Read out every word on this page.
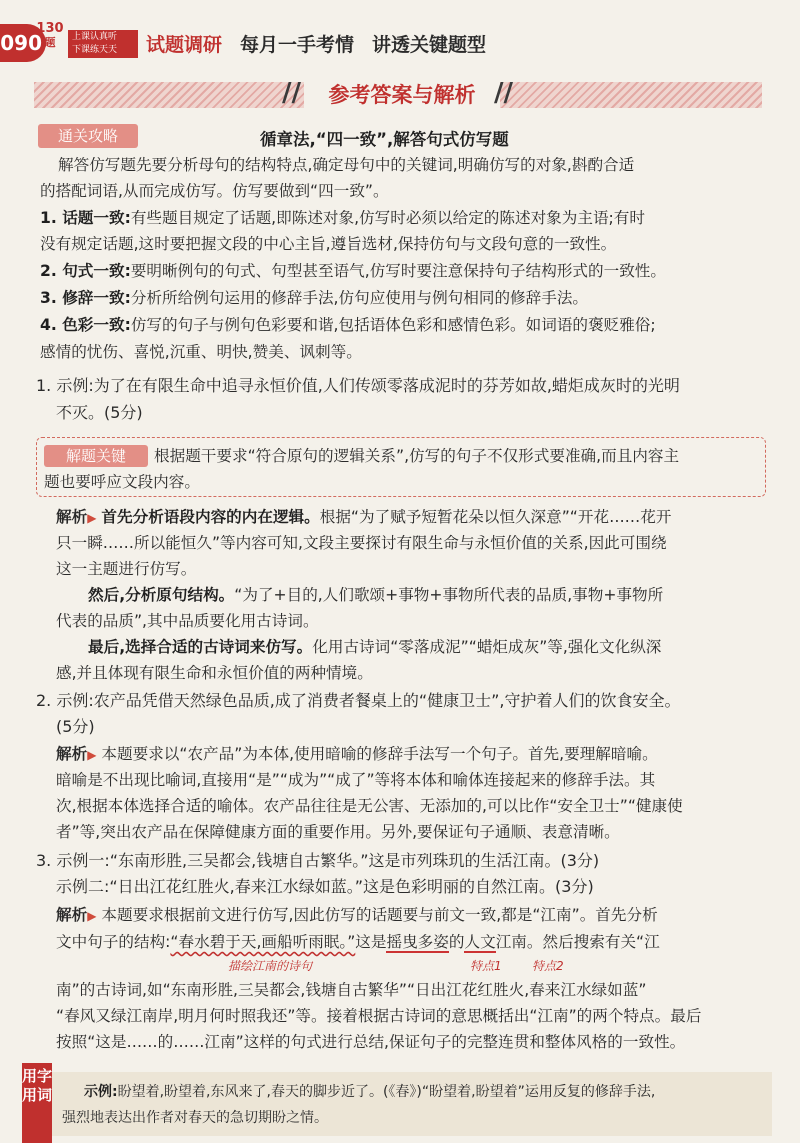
090
130
题	上课认真听
下课练天天	试题调研 每月一手考情 讲透关键题型
//	参考答案与解析 //
通关攻略	循章法,“四一致”,解答句式仿写题
解答仿写题先要分析母句的结构特点,确定母句中的关键词,明确仿写的对象,斟酌合适
的搭配词语,从而完成仿写。仿写要做到“四一致”。
1. 话题一致:有些题目规定了话题,即陈述对象,仿写时必须以给定的陈述对象为主语;有时
没有规定话题,这时要把握文段的中心主旨,遵旨选材,保持仿句与文段句意的一致性。
2. 句式一致:要明晰例句的句式、句型甚至语气,仿写时要注意保持句子结构形式的一致性。
3. 修辞一致:分析所给例句运用的修辞手法,仿句应使用与例句相同的修辞手法。
4. 色彩一致:仿写的句子与例句色彩要和谐,包括语体色彩和感情色彩。如词语的褒贬雅俗;
感情的忧伤、喜悦,沉重、明快,赞美、讽刺等。
1. 示例:为了在有限生命中追寻永恒价值,人们传颂零落成泥时的芬芳如故,蜡炬成灰时的光明
不灭。(5分)
解题关键	根据题干要求“符合原句的逻辑关系”,仿写的句子不仅形式要准确,而且内容主
题也要呼应文段内容。
解析▶ 首先分析语段内容的内在逻辑。根据“为了赋予短暂花朵以恒久深意”“开花……花开
只一瞬……所以能恒久”等内容可知,文段主要探讨有限生命与永恒价值的关系,因此可围绕
这一主题进行仿写。
然后,分析原句结构。“为了+目的,人们歌颂+事物+事物所代表的品质,事物+事物所
代表的品质”,其中品质要化用古诗词。
最后,选择合适的古诗词来仿写。化用古诗词“零落成泥”“蜡炬成灰”等,强化文化纵深
感,并且体现有限生命和永恒价值的两种情境。
2. 示例:农产品凭借天然绿色品质,成了消费者餐桌上的“健康卫士”,守护着人们的饮食安全。
(5分)
解析▶ 本题要求以“农产品”为本体,使用暗喻的修辞手法写一个句子。首先,要理解暗喻。
暗喻是不出现比喻词,直接用“是”“成为”“成了”等将本体和喻体连接起来的修辞手法。其
次,根据本体选择合适的喻体。农产品往往是无公害、无添加的,可以比作“安全卫士”“健康使
者”等,突出农产品在保障健康方面的重要作用。另外,要保证句子通顺、表意清晰。
3. 示例一:“东南形胜,三吴都会,钱塘自古繁华。”这是市列珠玑的生活江南。(3分)
示例二:“日出江花红胜火,春来江水绿如蓝。”这是色彩明丽的自然江南。(3分)
解析▶ 本题要求根据前文进行仿写,因此仿写的话题要与前文一致,都是“江南”。首先分析
文中句子的结构:“春水碧于天,画船听雨眠。”这是摇曳多姿的人文江南。然后搜索有关“江
描绘江南的诗句	特点1	特点2
南”的古诗词,如“东南形胜,三吴都会,钱塘自古繁华”“日出江花红胜火,春来江水绿如蓝”
“春风又绿江南岸,明月何时照我还”等。接着根据古诗词的意思概括出“江南”的两个特点。最后
按照“这是……的……江南”这样的句式进行总结,保证句子的完整连贯和整体风格的一致性。
用字用词 示例:盼望着,盼望着,东风来了,春天的脚步近了。(《春》)“盼望着,盼望着”运用反复的修辞手法,
强烈地表达出作者对春天的急切期盼之情。
